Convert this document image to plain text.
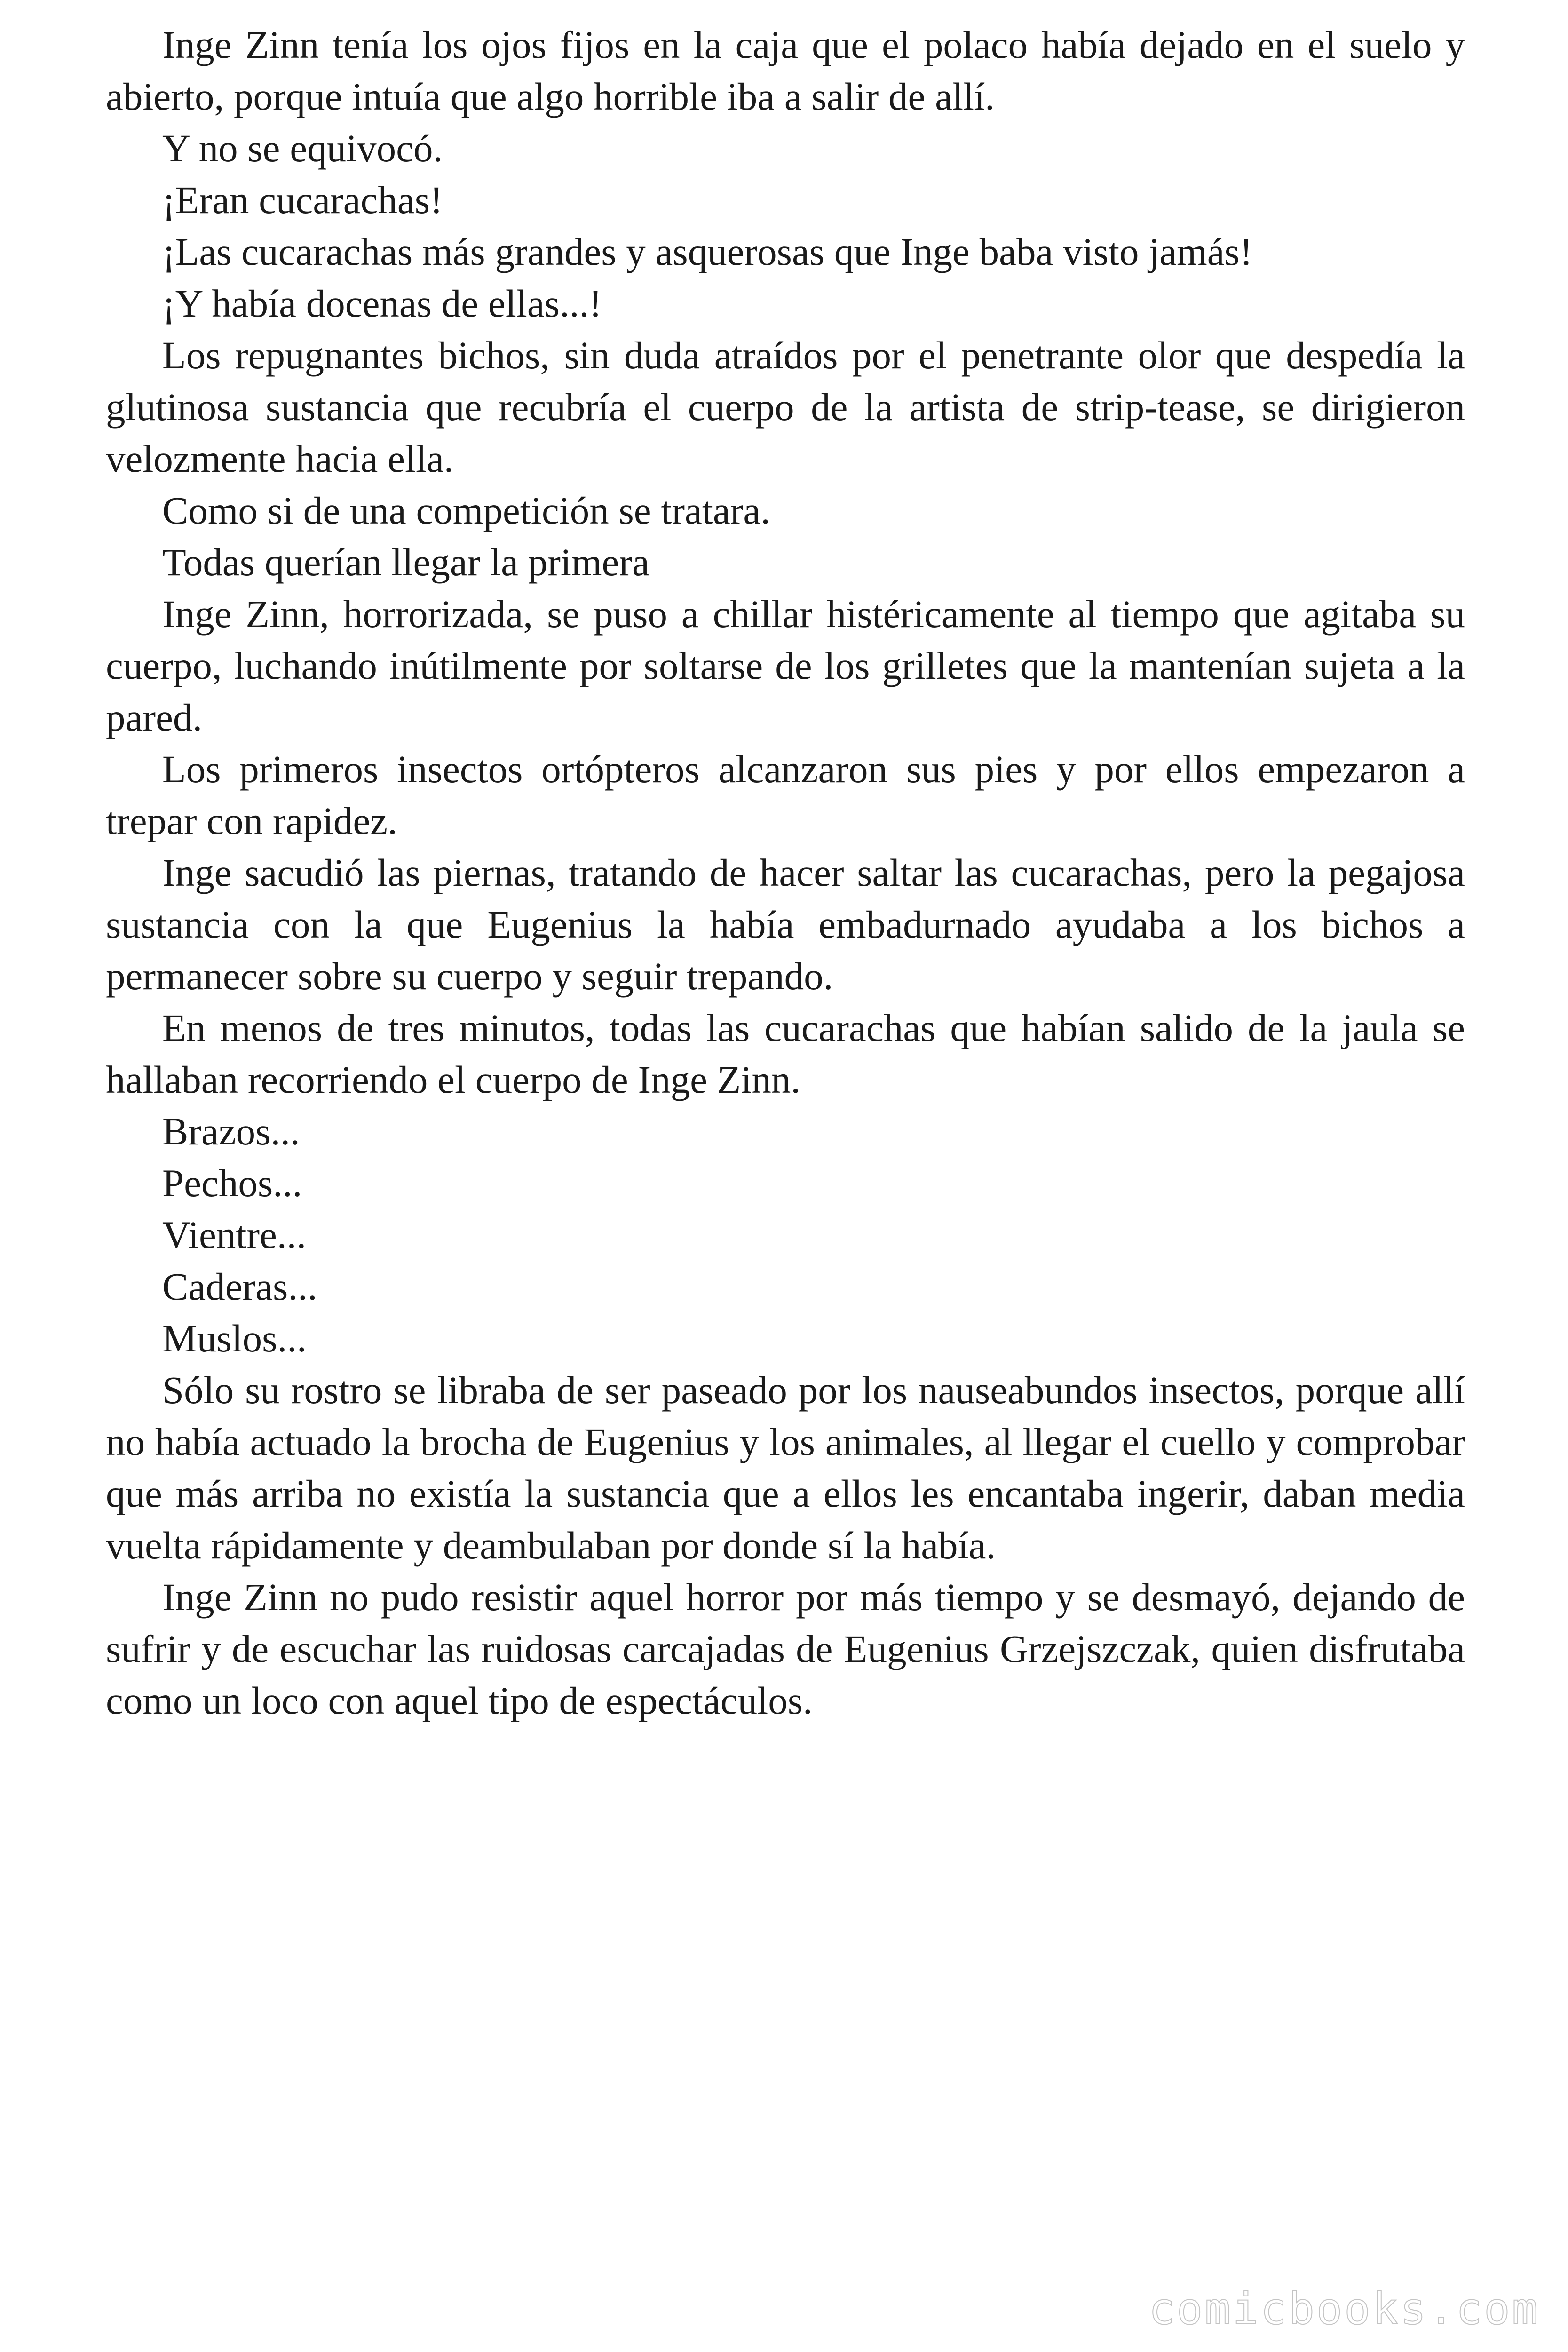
Inge Zinn tenía los ojos fijos en la caja que el polaco había dejado en el suelo y abierto, porque intuía que algo horrible iba a salir de allí.

Y no se equivocó.

¡Eran cucarachas!

¡Las cucarachas más grandes y asquerosas que Inge baba visto jamás!

¡Y había docenas de ellas...!

Los repugnantes bichos, sin duda atraídos por el penetrante olor que despedía la glutinosa sustancia que recubría el cuerpo de la artista de strip-tease, se dirigieron velozmente hacia ella.

Como si de una competición se tratara.

Todas querían llegar la primera

Inge Zinn, horrorizada, se puso a chillar histéricamente al tiempo que agitaba su cuerpo, luchando inútilmente por soltarse de los grilletes que la mantenían sujeta a la pared.

Los primeros insectos ortópteros alcanzaron sus pies y por ellos empezaron a trepar con rapidez.

Inge sacudió las piernas, tratando de hacer saltar las cucarachas, pero la pegajosa sustancia con la que Eugenius la había embadurnado ayudaba a los bichos a permanecer sobre su cuerpo y seguir trepando.

En menos de tres minutos, todas las cucarachas que habían salido de la jaula se hallaban recorriendo el cuerpo de Inge Zinn.

Brazos...

Pechos...

Vientre...

Caderas...

Muslos...

Sólo su rostro se libraba de ser paseado por los nauseabundos insectos, porque allí no había actuado la brocha de Eugenius y los animales, al llegar el cuello y comprobar que más arriba no existía la sustancia que a ellos les encantaba ingerir, daban media vuelta rápidamente y deambulaban por donde sí la había.

Inge Zinn no pudo resistir aquel horror por más tiempo y se desmayó, dejando de sufrir y de escuchar las ruidosas carcajadas de Eugenius Grzejszczak, quien disfrutaba como un loco con aquel tipo de espectáculos.

comicbooks.com
